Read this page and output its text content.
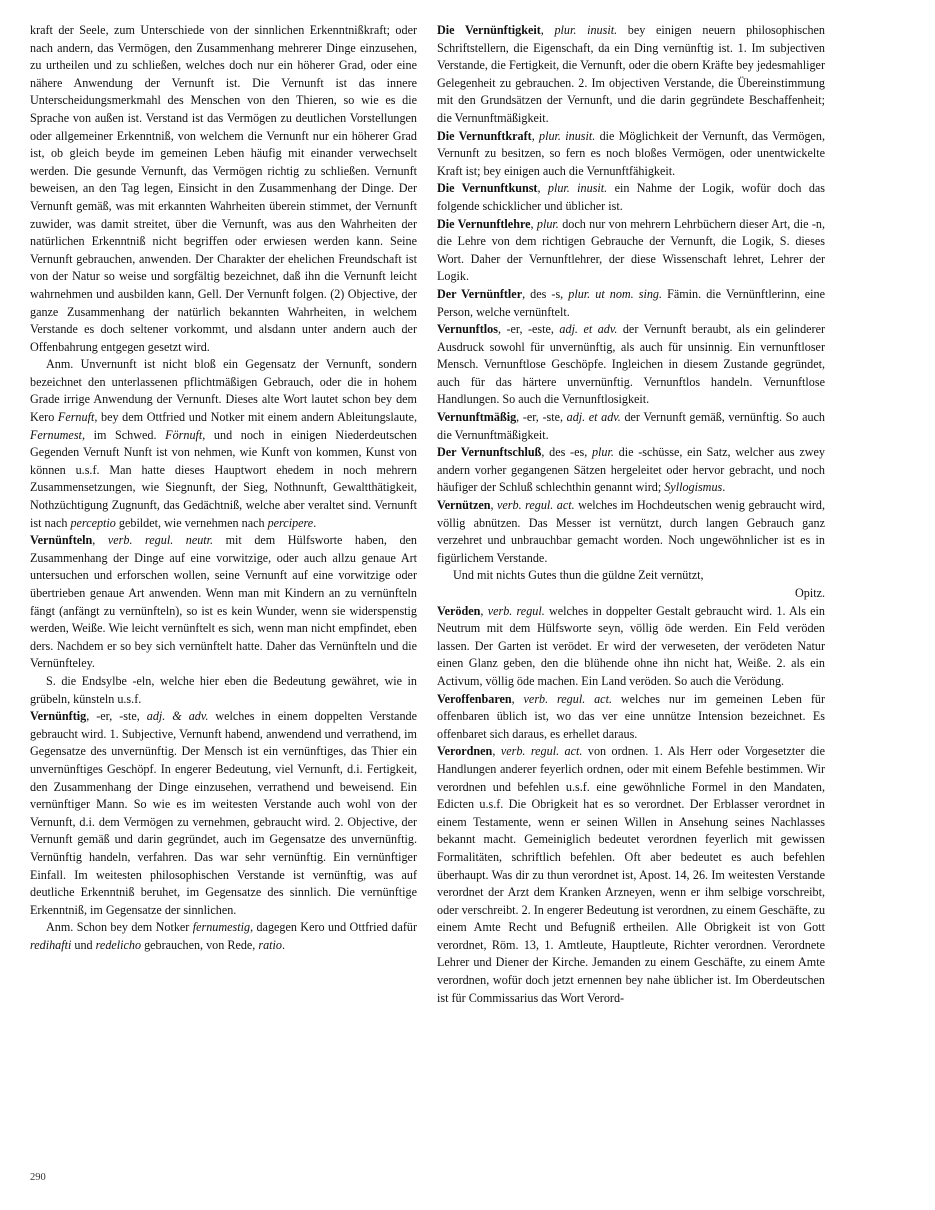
kraft der Seele, zum Unterschiede von der sinnlichen Erkenntnißkraft; oder nach andern, das Vermögen, den Zusammenhang mehrerer Dinge einzusehen, zu urtheilen und zu schließen, welches doch nur ein höherer Grad, oder eine nähere Anwendung der Vernunft ist. Die Vernunft ist das innere Unterscheidungsmerkmahl des Menschen von den Thieren, so wie es die Sprache von außen ist. Verstand ist das Vermögen zu deutlichen Vorstellungen oder allgemeiner Erkenntniß, von welchem die Vernunft nur ein höherer Grad ist, ob gleich beyde im gemeinen Leben häufig mit einander verwechselt werden. Die gesunde Vernunft, das Vermögen richtig zu schließen. Vernunft beweisen, an den Tag legen, Einsicht in den Zusammenhang der Dinge. Der Vernunft gemäß, was mit erkannten Wahrheiten überein stimmet, der Vernunft zuwider, was damit streitet, über die Vernunft, was aus den Wahrheiten der natürlichen Erkenntniß nicht begriffen oder erwiesen werden kann. Seine Vernunft gebrauchen, anwenden. Der Charakter der ehelichen Freundschaft ist von der Natur so weise und sorgfältig bezeichnet, daß ihn die Vernunft leicht wahrnehmen und ausbilden kann, Gell. Der Vernunft folgen. (2) Objective, der ganze Zusammenhang der natürlich bekannten Wahrheiten, in welchem Verstande es doch seltener vorkommt, und alsdann unter andern auch der Offenbahrung entgegen gesetzt wird.

Anm. Unvernunft ist nicht bloß ein Gegensatz der Vernunft, sondern bezeichnet den unterlassenen pflichtmäßigen Gebrauch, oder die in hohem Grade irrige Anwendung der Vernunft. Dieses alte Wort lautet schon bey dem Kero Fernuft, bey dem Ottfried und Notker mit einem andern Ableitungslaute, Fernumest, im Schwed. Förnuft, und noch in einigen Niederdeutschen Gegenden Vernuft Nunft ist von nehmen, wie Kunft von kommen, Kunst von können u.s.f. Man hatte dieses Hauptwort ehedem in noch mehrern Zusammensetzungen, wie Siegnunft, der Sieg, Nothnunft, Gewaltthätigkeit, Nothzüchtigung Zugnunft, das Gedächtniß, welche aber veraltet sind. Vernunft ist nach perceptio gebildet, wie vernehmen nach percipere.

Vernünfteln, verb. regul. neutr. mit dem Hülfsworte haben, den Zusammenhang der Dinge auf eine vorwitzige, oder auch allzu genaue Art untersuchen und erforschen wollen, seine Vernunft auf eine vorwitzige oder übertrieben genaue Art anwenden. Wenn man mit Kindern an zu vernünfteln fängt (anfängt zu vernünfteln), so ist es kein Wunder, wenn sie widerspenstig werden, Weiße. Wie leicht vernünftelt es sich, wenn man nicht empfindet, eben ders. Nachdem er so bey sich vernünftelt hatte. Daher das Vernünfteln und die Vernünfteley.

S. die Endsylbe -eln, welche hier eben die Bedeutung gewähret, wie in grübeln, künsteln u.s.f.

Vernünftig, -er, -ste, adj. & adv. welches in einem doppelten Verstande gebraucht wird. 1. Subjective, Vernunft habend, anwendend und verrathend, im Gegensatze des unvernünftig. Der Mensch ist ein vernünftiges, das Thier ein unvernünftiges Geschöpf. In engerer Bedeutung, viel Vernunft, d.i. Fertigkeit, den Zusammenhang der Dinge einzusehen, verrathend und beweisend. Ein vernünftiger Mann. So wie es im weitesten Verstande auch wohl von der Vernunft, d.i. dem Vermögen zu vernehmen, gebraucht wird. 2. Objective, der Vernunft gemäß und darin gegründet, auch im Gegensatze des unvernünftig. Vernünftig handeln, verfahren. Das war sehr vernünftig. Ein vernünftiger Einfall. Im weitesten philosophischen Verstande ist vernünftig, was auf deutliche Erkenntniß beruhet, im Gegensatze des sinnlich. Die vernünftige Erkenntniß, im Gegensatze der sinnlichen.

Anm. Schon bey dem Notker fernumestig, dagegen Kero und Ottfried dafür redihafti und redelicho gebrauchen, von Rede, ratio.

Die Vernünftigkeit, plur. inusit. bey einigen neuern philosophischen Schriftstellern, die Eigenschaft, da ein Ding vernünftig ist. 1. Im subjectiven Verstande, die Fertigkeit, die Vernunft, oder die obern Kräfte bey jedesmahliger Gelegenheit zu gebrauchen. 2. Im objectiven Verstande, die Übereinstimmung mit den Grundsätzen der Vernunft, und die darin gegründete Beschaffenheit; die Vernunftmäßigkeit.

Die Vernunftkraft, plur. inusit. die Möglichkeit der Vernunft, das Vermögen, Vernunft zu besitzen, so fern es noch bloßes Vermögen, oder unentwickelte Kraft ist; bey einigen auch die Vernunftfähigkeit.

Die Vernunftkunst, plur. inusit. ein Nahme der Logik, wofür doch das folgende schicklicher und üblicher ist.

Die Vernunftlehre, plur. doch nur von mehrern Lehrbüchern dieser Art, die -n, die Lehre von dem richtigen Gebrauche der Vernunft, die Logik, S. dieses Wort. Daher der Vernunftlehrer, der diese Wissenschaft lehret, Lehrer der Logik.

Der Vernünftler, des -s, plur. ut nom. sing. Fämin. die Vernünftlerinn, eine Person, welche vernünftelt.

Vernunftlos, -er, -este, adj. et adv. der Vernunft beraubt, als ein gelinderer Ausdruck sowohl für unvernünftig, als auch für unsinnig. Ein vernunftloser Mensch. Vernunftlose Geschöpfe. Ingleichen in diesem Zustande gegründet, auch für das härtere unvernünftig. Vernunftlos handeln. Vernunftlose Handlungen. So auch die Vernunftlosigkeit.

Vernunftmäßig, -er, -ste, adj. et adv. der Vernunft gemäß, vernünftig. So auch die Vernunftmäßigkeit.

Der Vernunftschluß, des -es, plur. die -schüsse, ein Satz, welcher aus zwey andern vorher gegangenen Sätzen hergeleitet oder hervor gebracht, und noch häufiger der Schluß schlechthin genannt wird; Syllogismus.

Vernützen, verb. regul. act. welches im Hochdeutschen wenig gebraucht wird, völlig abnützen. Das Messer ist vernützt, durch langen Gebrauch ganz verzehret und unbrauchbar gemacht worden. Noch ungewöhnlicher ist es in figürlichem Verstande.

Und mit nichts Gutes thun die güldne Zeit vernützt,

Opitz.

Veröden, verb. regul. welches in doppelter Gestalt gebraucht wird. 1. Als ein Neutrum mit dem Hülfsworte seyn, völlig öde werden. Ein Feld veröden lassen. Der Garten ist verödet. Er wird der verweseten, der verödeten Natur einen Glanz geben, den die blühende ohne ihn nicht hat, Weiße. 2. als ein Activum, völlig öde machen. Ein Land veröden. So auch die Verödung.

Veroffenbaren, verb. regul. act. welches nur im gemeinen Leben für offenbaren üblich ist, wo das ver eine unnütze Intension bezeichnet. Es offenbaret sich daraus, es erhellet daraus.

Verordnen, verb. regul. act. von ordnen. 1. Als Herr oder Vorgesetzter die Handlungen anderer feyerlich ordnen, oder mit einem Befehle bestimmen. Wir verordnen und befehlen u.s.f. eine gewöhnliche Formel in den Mandaten, Edicten u.s.f. Die Obrigkeit hat es so verordnet. Der Erblasser verordnet in einem Testamente, wenn er seinen Willen in Ansehung seines Nachlasses bekannt macht. Gemeiniglich bedeutet verordnen feyerlich mit gewissen Formalitäten, schriftlich befehlen. Oft aber bedeutet es auch befehlen überhaupt. Was dir zu thun verordnet ist, Apost. 14, 26. Im weitesten Verstande verordnet der Arzt dem Kranken Arzneyen, wenn er ihm selbige vorschreibt, oder verschreibt. 2. In engerer Bedeutung ist verordnen, zu einem Geschäfte, zu einem Amte Recht und Befugniß ertheilen. Alle Obrigkeit ist von Gott verordnet, Röm. 13, 1. Amtleute, Hauptleute, Richter verordnen. Verordnete Lehrer und Diener der Kirche. Jemanden zu einem Geschäfte, zu einem Amte verordnen, wofür doch jetzt ernennen bey nahe üblicher ist. Im Oberdeutschen ist für Commissarius das Wort Verord-

290
